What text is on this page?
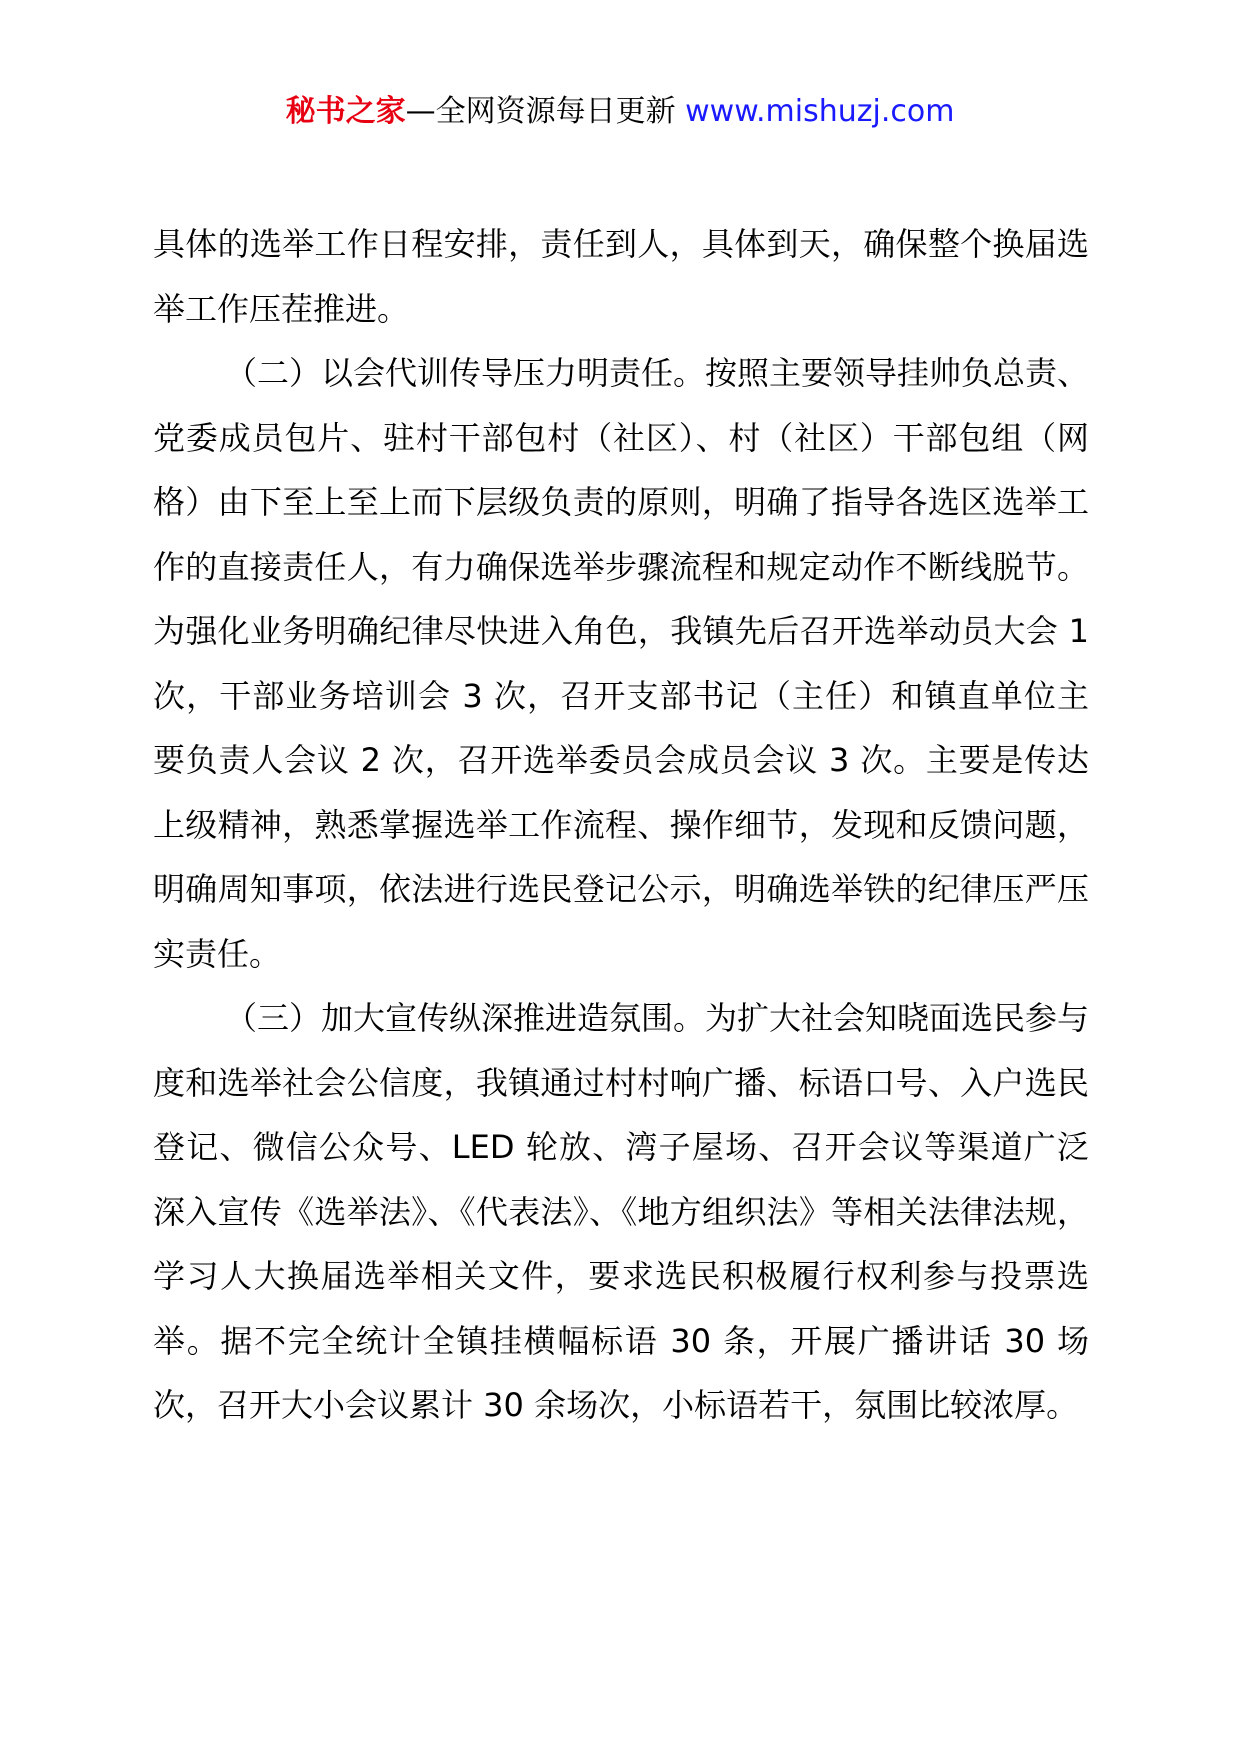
秘书之家—全网资源每日更新 www.mishuzj.com

具体的选举工作日程安排，责任到人，具体到天，确保整个换届选举工作压茬推进。

（二）以会代训传导压力明责任。按照主要领导挂帅负总责、党委成员包片、驻村干部包村（社区）、村（社区）干部包组（网格）由下至上至上而下层级负责的原则，明确了指导各选区选举工作的直接责任人，有力确保选举步骤流程和规定动作不断线脱节。为强化业务明确纪律尽快进入角色，我镇先后召开选举动员大会 1 次，干部业务培训会 3 次，召开支部书记（主任）和镇直单位主要负责人会议 2 次，召开选举委员会成员会议 3 次。主要是传达上级精神，熟悉掌握选举工作流程、操作细节，发现和反馈问题，明确周知事项，依法进行选民登记公示，明确选举铁的纪律压严压实责任。

（三）加大宣传纵深推进造氛围。为扩大社会知晓面选民参与度和选举社会公信度，我镇通过村村响广播、标语口号、入户选民登记、微信公众号、LED 轮放、湾子屋场、召开会议等渠道广泛深入宣传《选举法》、《代表法》、《地方组织法》等相关法律法规，学习人大换届选举相关文件，要求选民积极履行权利参与投票选举。据不完全统计全镇挂横幅标语 30 条，开展广播讲话 30 场次，召开大小会议累计 30 余场次，小标语若干，氛围比较浓厚。
